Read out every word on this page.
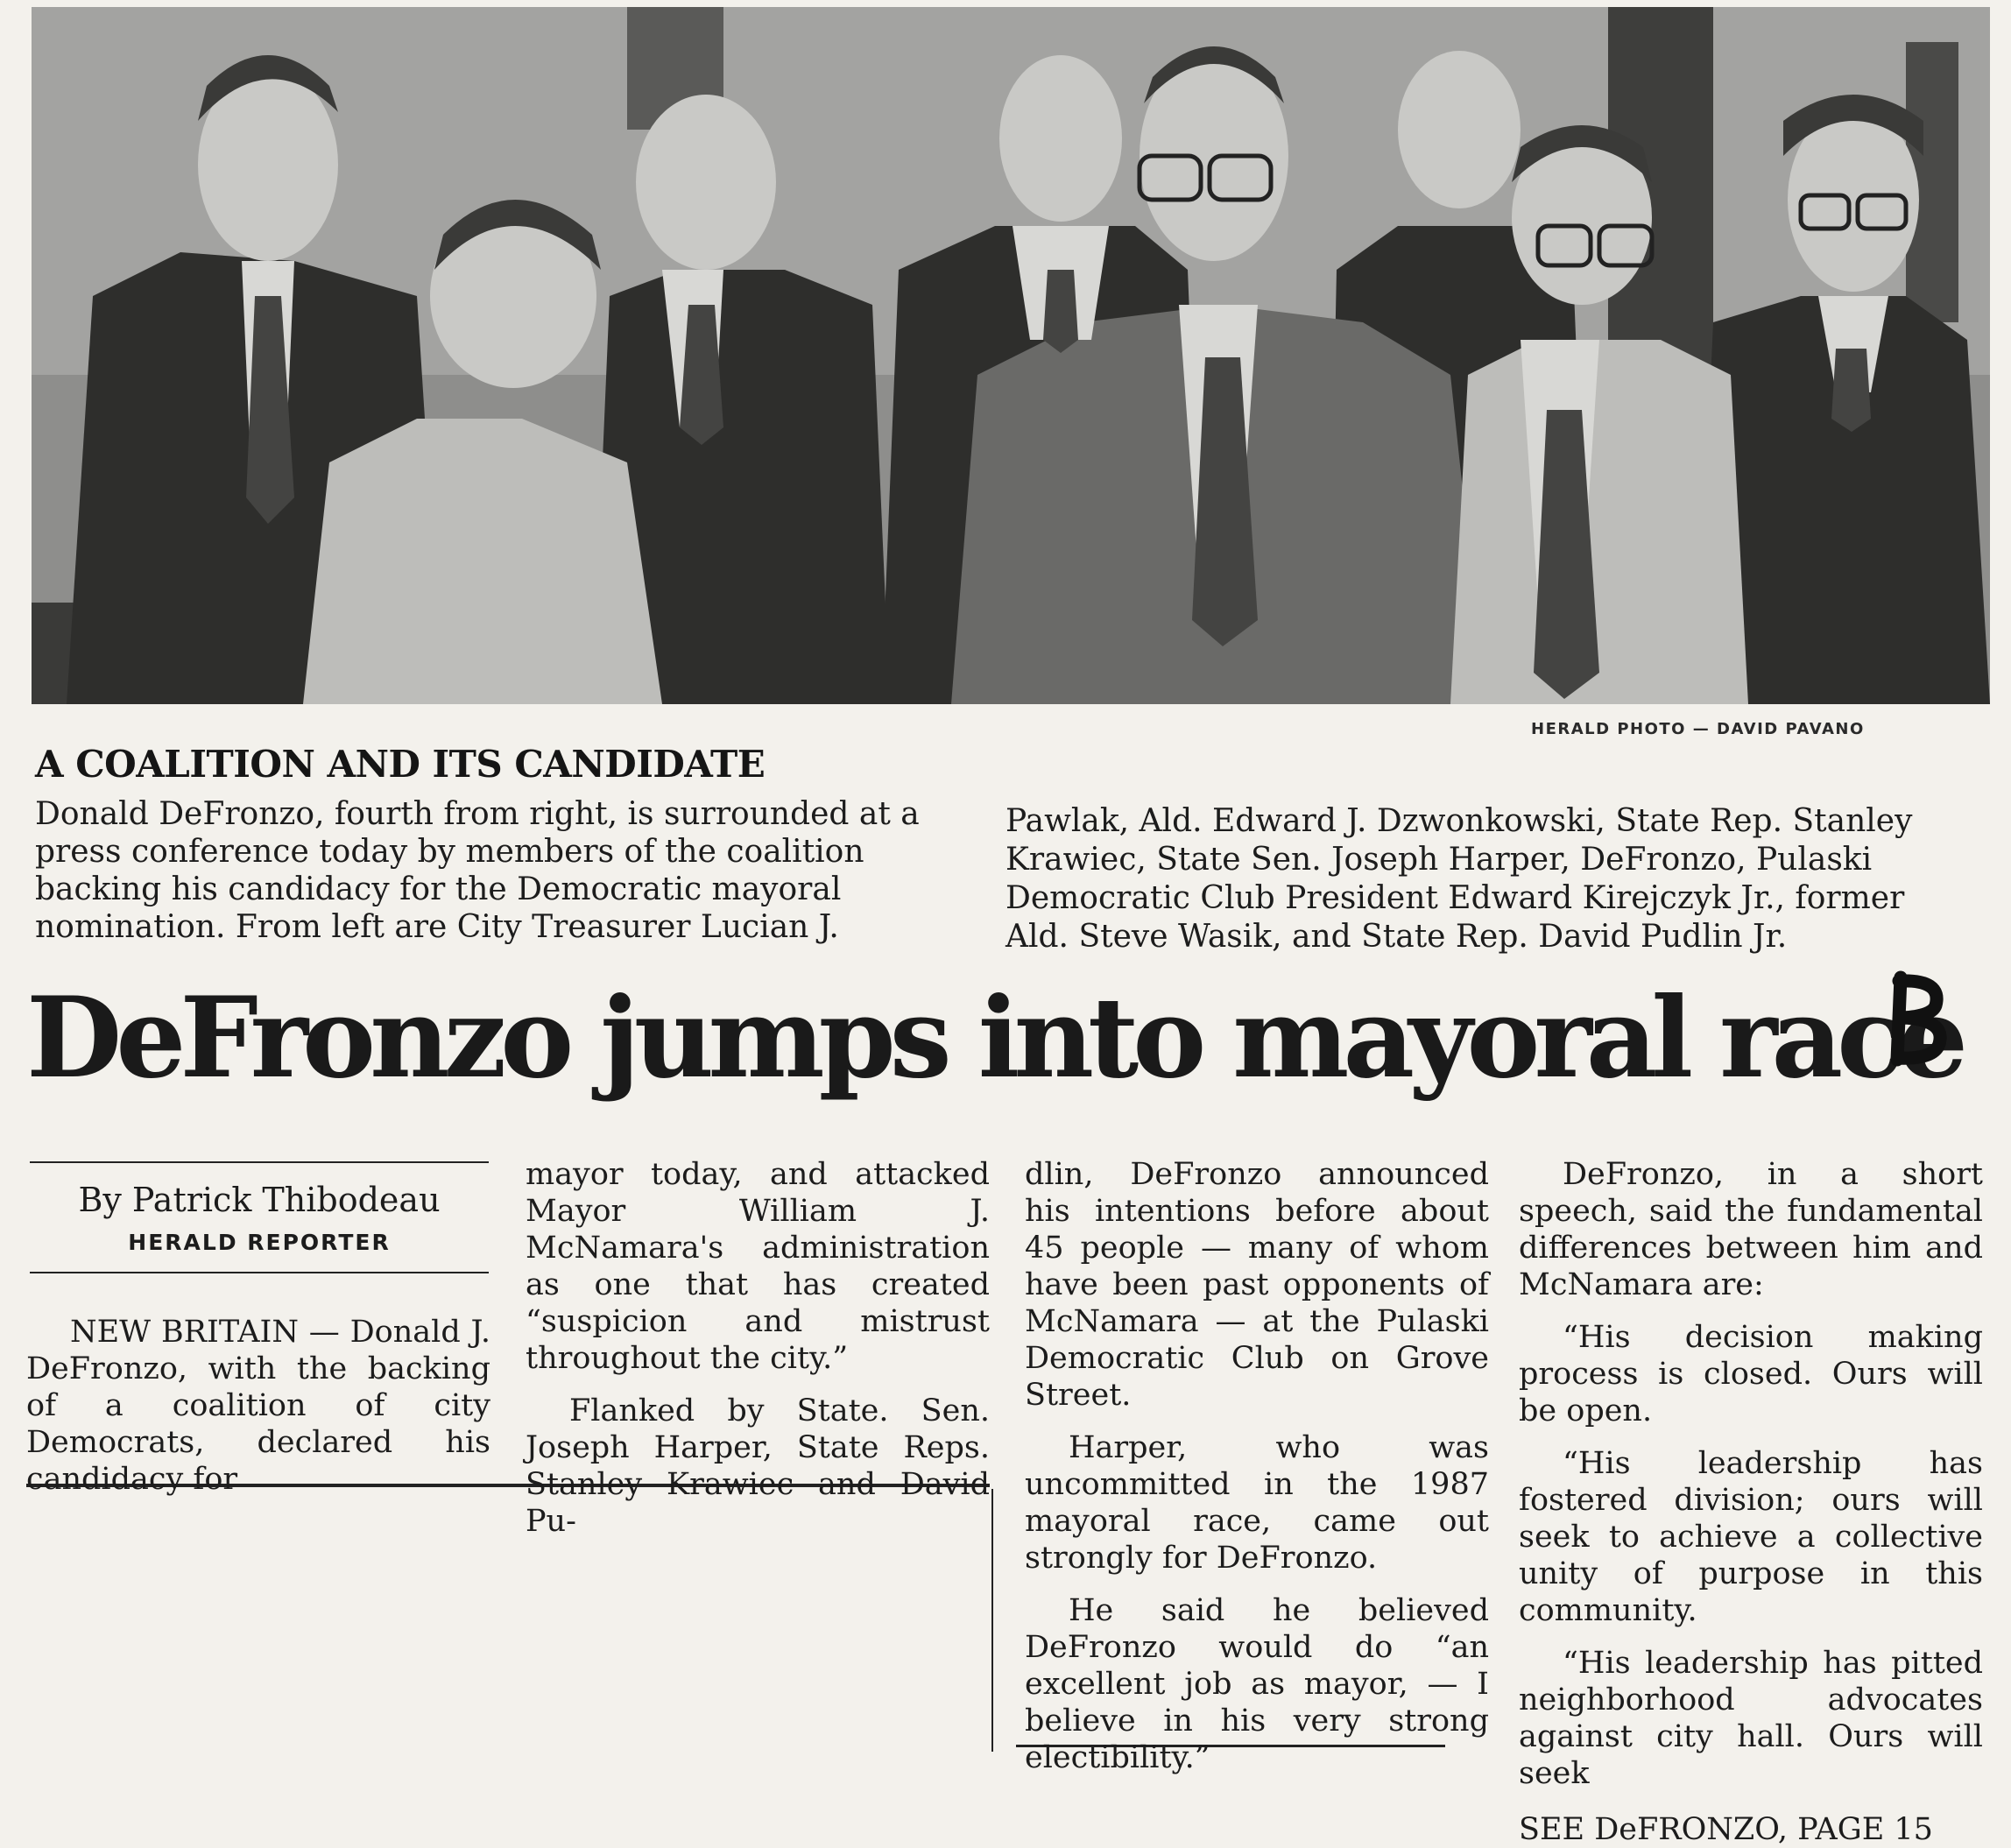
HERALD PHOTO — DAVID PAVANO
A COALITION AND ITS CANDIDATE
Donald DeFronzo, fourth from right, is surrounded at a press conference today by members of the coalition backing his candidacy for the Democratic mayoral nomination. From left are City Treasurer Lucian J.
Pawlak, Ald. Edward J. Dzwonkowski, State Rep. Stanley Krawiec, State Sen. Joseph Harper, DeFronzo, Pulaski Democratic Club President Edward Kirejczyk Jr., former Ald. Steve Wasik, and State Rep. David Pudlin Jr.
DeFronzo jumps into mayoral race
By Patrick Thibodeau
HERALD REPORTER

NEW BRITAIN — Donald J. DeFronzo, with the backing of a coalition of city Democrats, declared his candidacy for

mayor today, and attacked Mayor William J. McNamara's administration as one that has created “suspicion and mistrust throughout the city.”

Flanked by State. Sen. Joseph Harper, State Reps. Stanley Krawiec and David Pu-

dlin, DeFronzo announced his intentions before about 45 people — many of whom have been past opponents of McNamara — at the Pulaski Democratic Club on Grove Street.

Harper, who was uncommitted in the 1987 mayoral race, came out strongly for DeFronzo.

He said he believed DeFronzo would do “an excellent job as mayor, — I believe in his very strong electibility.”

DeFronzo, in a short speech, said the fundamental differences between him and McNamara are:

“His decision making process is closed. Ours will be open.

“His leadership has fostered division; ours will seek to achieve a collective unity of purpose in this community.

“His leadership has pitted neighborhood advocates against city hall. Ours will seek

SEE DeFRONZO, PAGE 15
